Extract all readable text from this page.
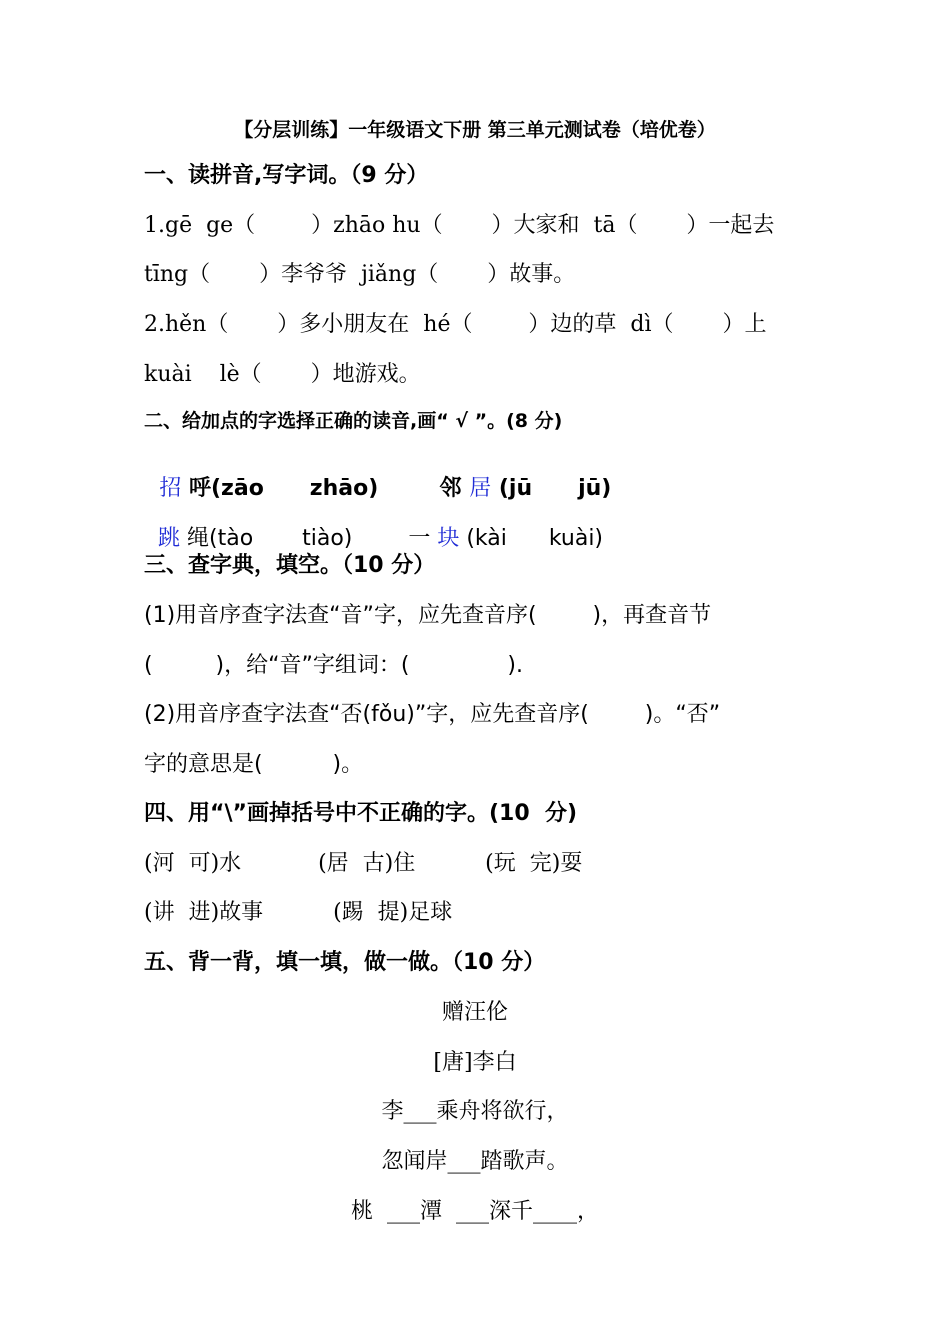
【分层训练】一年级语文下册 第三单元测试卷（培优卷）
一、读拼音,写字词。（9 分）
1.gē  ge（        ）zhāo hu（       ）大家和  tā（       ）一起去
tīng（       ）李爷爷  jiǎng（       ）故事。
2.hěn（       ）多小朋友在  hé（        ）边的草  dì（       ）上
kuài    lè（       ）地游戏。
二、给加点的字选择正确的读音,画“ √ ”。(8 分)

招 呼(zāo      zhāo)        邻 居 (jū      jū)

跳 绳(tào       tiào)        一 块 (kài      kuài)

三、查字典，填空。（10 分）
(1)用音序查字法查“音”字，应先查音序(        )，再查音节
(         )，给“音”字组词：(              ).
(2)用音序查字法查“否(fǒu)”字，应先查音序(        )。“否”
字的意思是(          )。
四、用“\”画掉括号中不正确的字。(10  分)
(河  可)水           (居  古)住          (玩  完)耍
(讲  进)故事          (踢  提)足球
五、背一背，填一填，做一做。（10 分）
赠汪伦
[唐]李白
李___乘舟将欲行，
忽闻岸___踏歌声。
桃  ___潭  ___深千____，
